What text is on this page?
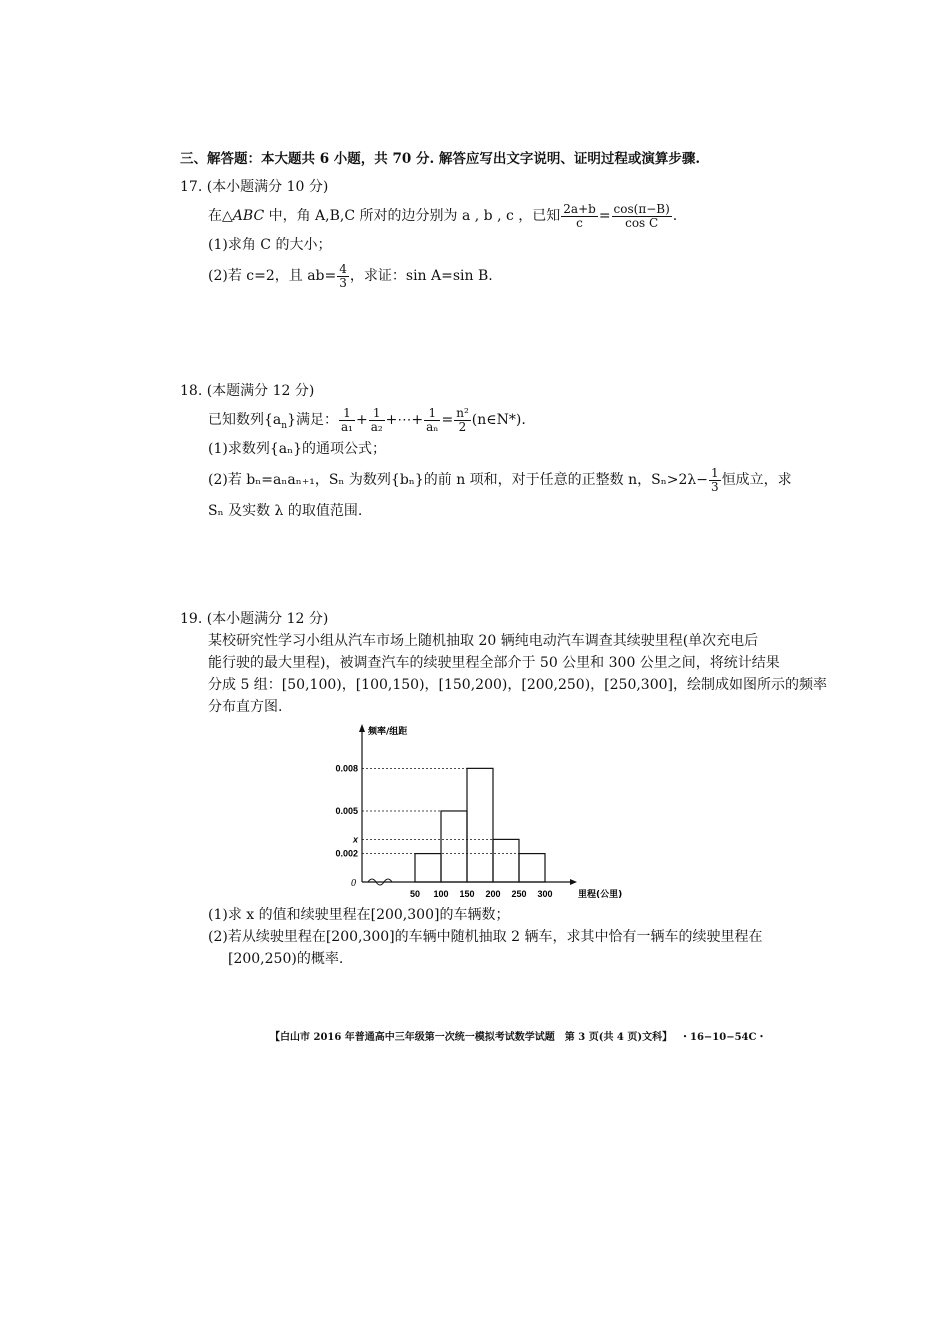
三、解答题：本大题共 6 小题，共 70 分. 解答应写出文字说明、证明过程或演算步骤.
17. (本小题满分 10 分)
在△ABC 中，角 A,B,C 所对的边分别为 a , b , c ，已知 $\frac{2a+b}{c} = \frac{\cos(\pi-B)}{\text{cos C}}$ .
(1)求角 C 的大小；
(2)若 c=2，且 $ab= \frac{4}{3}$ ，求证：sin A=sin B.
18. (本题满分 12 分)
已知数列$\{a_n\}$满足： $\frac{1}{\text{a₁}} + \frac{1}{\text{a₂}}$ +⋯+ $\frac{1}{\text{aₙ}} = \frac{\text{n²}}{2}$ (n∈N*).
(1)求数列{aₙ}的通项公式；
(2)若 bₙ=aₙaₙ₊₁，Sₙ 为数列{bₙ}的前 n 项和，对于任意的正整数 n，$S_n>2\lambda- \frac{1}{3}$ 恒成立，求
Sₙ 及实数 λ 的取值范围.
19. (本小题满分 12 分)
某校研究性学习小组从汽车市场上随机抽取 20 辆纯电动汽车调查其续驶里程(单次充电后
能行驶的最大里程)，被调查汽车的续驶里程全部介于 50 公里和 300 公里之间，将统计结果
分成 5 组：[50,100)，[100,150)，[150,200)，[200,250)，[250,300]，绘制成如图所示的频率
分布直方图.
0.008
0.005
x
0.002
50 100 150 200 250 300
0
频率/组距
里程(公里)
(1)求 x 的值和续驶里程在[200,300]的车辆数；
(2)若从续驶里程在[200,300]的车辆中随机抽取 2 辆车，求其中恰有一辆车的续驶里程在
[200,250)的概率.
【白山市 2016 年普通高中三年级第一次统一模拟考试数学试题　第 3 页(共 4 页)文科】 ・16−10−54C・
